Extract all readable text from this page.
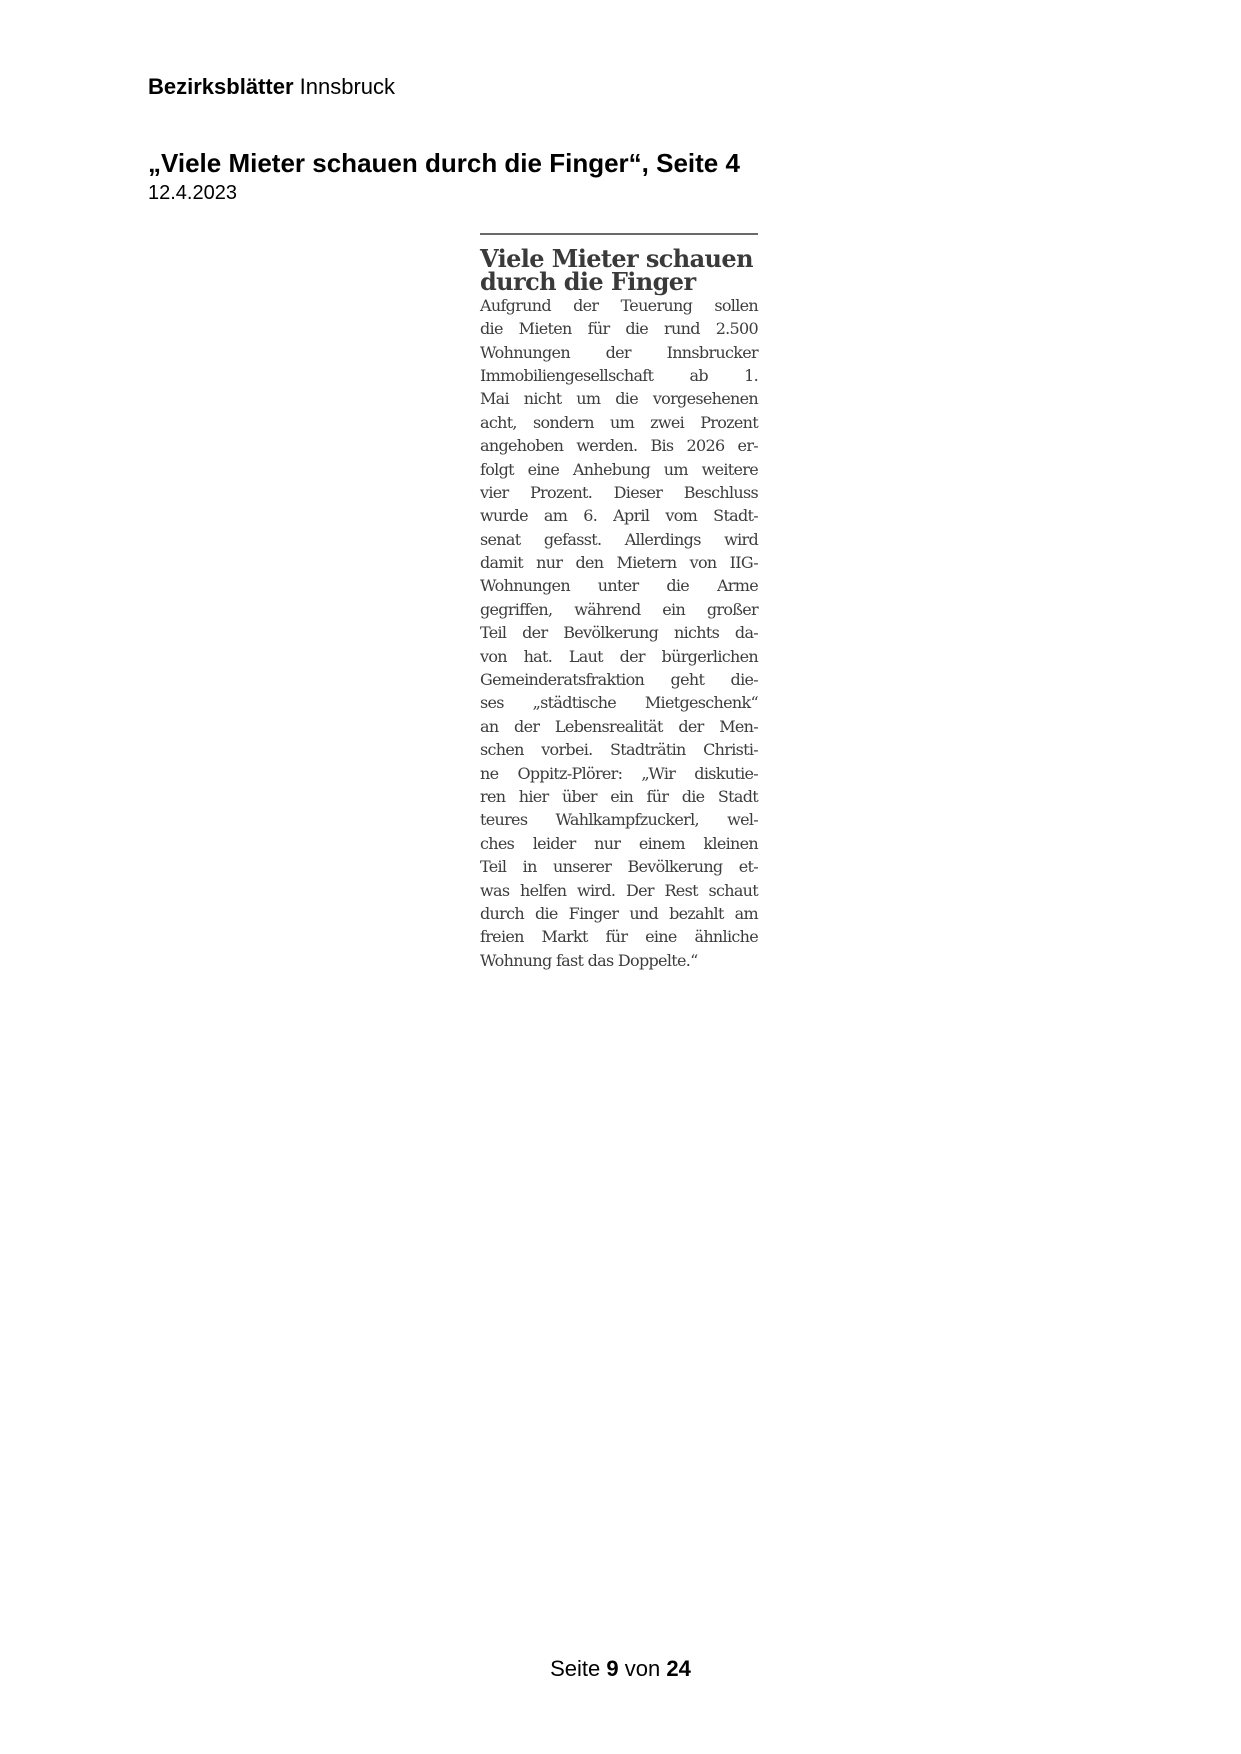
Bezirksblätter Innsbruck
„Viele Mieter schauen durch die Finger“, Seite 4
12.4.2023
Viele Mieter schauen
durch die Finger
Aufgrund der Teuerung sollen
die Mieten für die rund 2.500
Wohnungen der Innsbrucker
Immobiliengesellschaft ab 1.
Mai nicht um die vorgesehenen
acht, sondern um zwei Prozent
angehoben werden. Bis 2026 er-
folgt eine Anhebung um weitere
vier Prozent. Dieser Beschluss
wurde am 6. April vom Stadt-
senat gefasst. Allerdings wird
damit nur den Mietern von IIG-
Wohnungen unter die Arme
gegriffen, während ein großer
Teil der Bevölkerung nichts da-
von hat. Laut der bürgerlichen
Gemeinderatsfraktion geht die-
ses „städtische Mietgeschenk“
an der Lebensrealität der Men-
schen vorbei. Stadträtin Christi-
ne Oppitz-Plörer: „Wir diskutie-
ren hier über ein für die Stadt
teures Wahlkampfzuckerl, wel-
ches leider nur einem kleinen
Teil in unserer Bevölkerung et-
was helfen wird. Der Rest schaut
durch die Finger und bezahlt am
freien Markt für eine ähnliche
Wohnung fast das Doppelte.“
Seite 9 von 24
